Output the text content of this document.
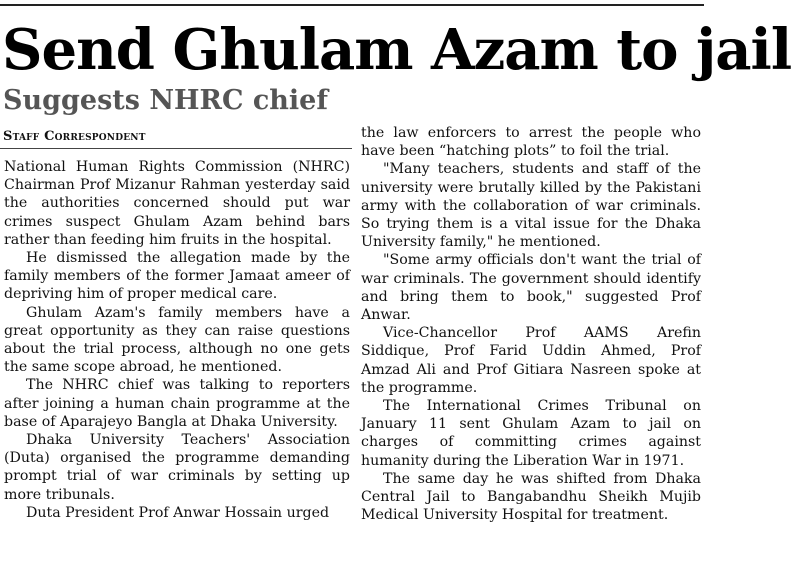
Send Ghulam Azam to jail
Suggests NHRC chief
Staff Correspondent

National Human Rights Commission (NHRC) Chairman Prof Mizanur Rahman yesterday said the authorities concerned should put war crimes suspect Ghulam Azam behind bars rather than feeding him fruits in the hospital.

He dismissed the allegation made by the family members of the former Jamaat ameer of depriving him of proper medical care.

Ghulam Azam's family members have a great opportunity as they can raise questions about the trial process, although no one gets the same scope abroad, he mentioned.

The NHRC chief was talking to reporters after joining a human chain programme at the base of Aparajeyo Bangla at Dhaka University.

Dhaka University Teachers' Association (Duta) organised the programme demanding prompt trial of war criminals by setting up more tribunals.

Duta President Prof Anwar Hossain urged

the law enforcers to arrest the people who have been “hatching plots” to foil the trial.

"Many teachers, students and staff of the university were brutally killed by the Pakistani army with the collaboration of war criminals. So trying them is a vital issue for the Dhaka University family," he mentioned.

"Some army officials don't want the trial of war criminals. The government should identify and bring them to book," suggested Prof Anwar.

Vice-Chancellor Prof AAMS Arefin Siddique, Prof Farid Uddin Ahmed, Prof Amzad Ali and Prof Gitiara Nasreen spoke at the programme.

The International Crimes Tribunal on January 11 sent Ghulam Azam to jail on charges of committing crimes against humanity during the Liberation War in 1971.

The same day he was shifted from Dhaka Central Jail to Bangabandhu Sheikh Mujib Medical University Hospital for treatment.
